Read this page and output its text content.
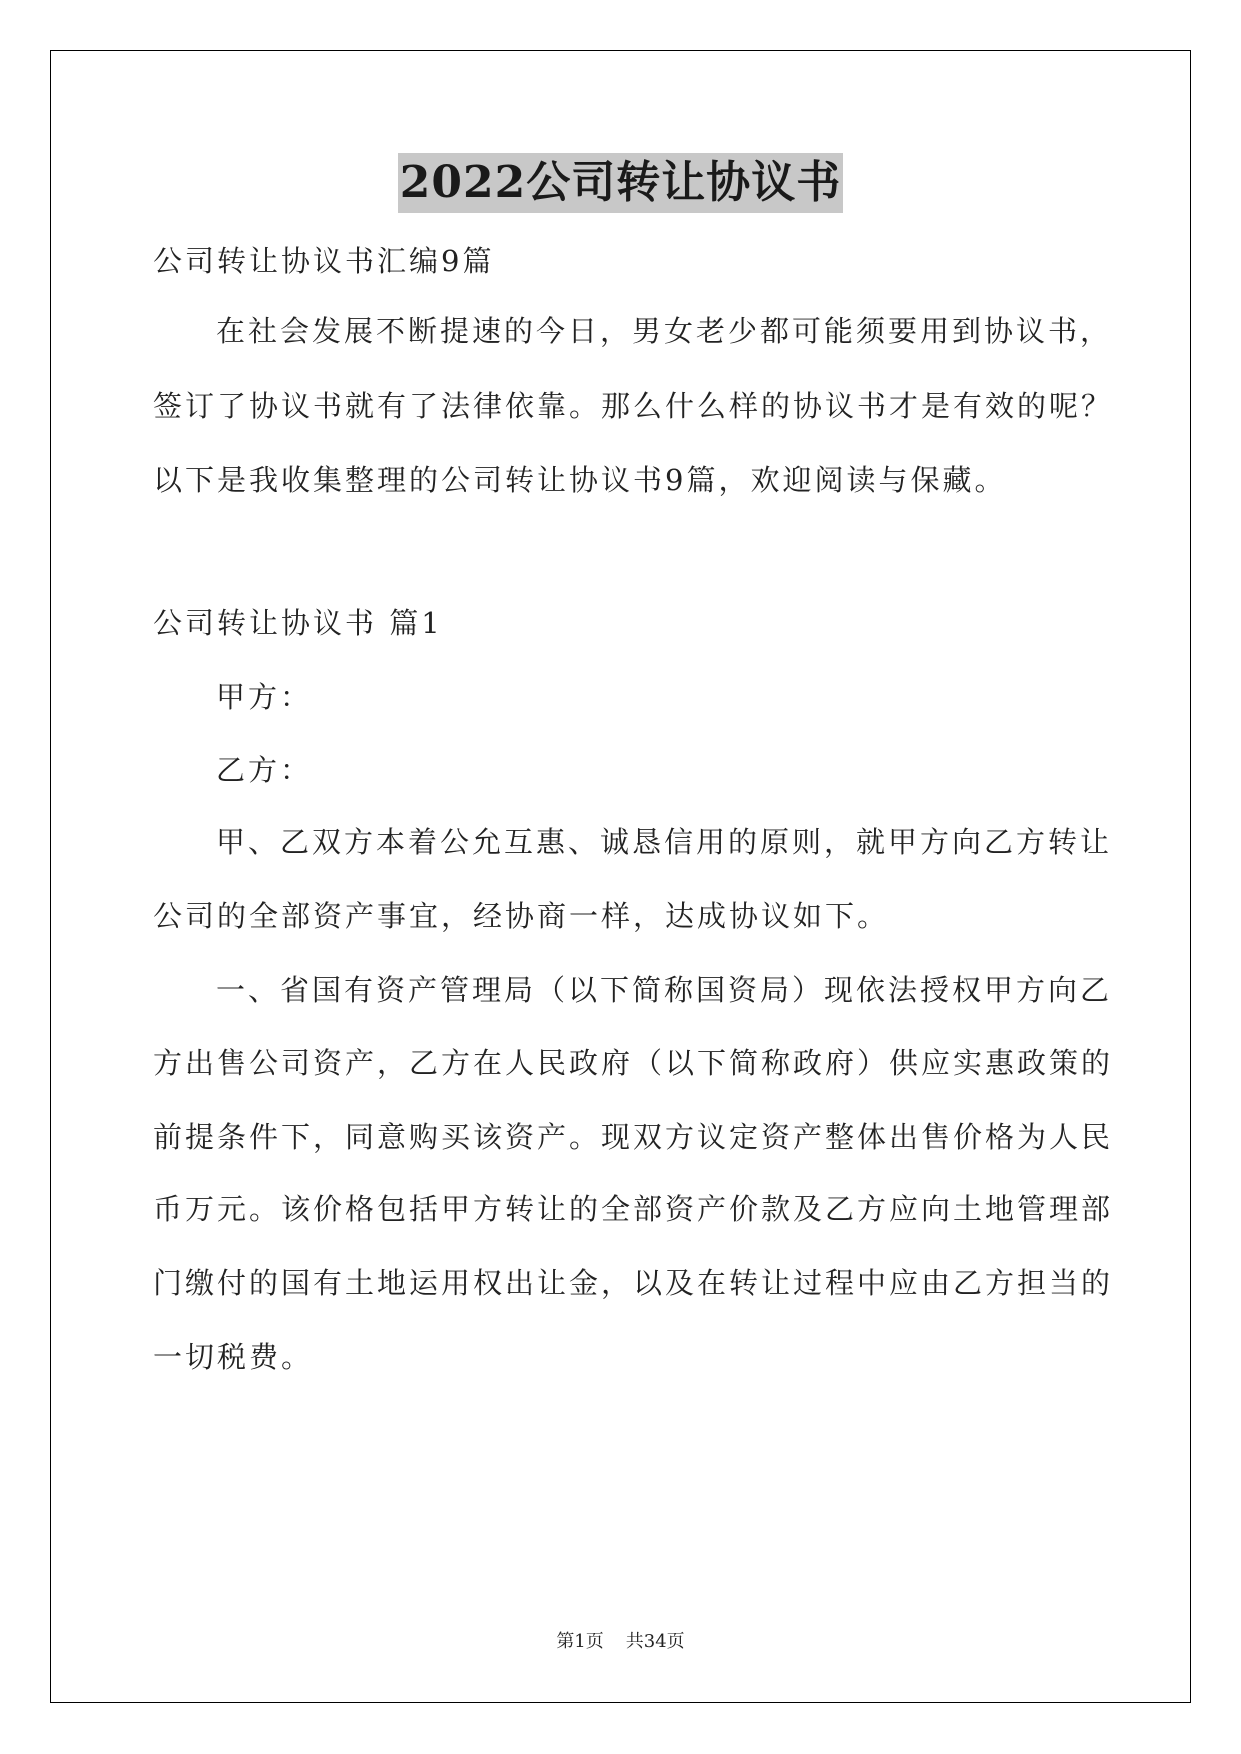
2022公司转让协议书
公司转让协议书汇编9篇
在社会发展不断提速的今日，男女老少都可能须要用到协议书，
签订了协议书就有了法律依靠。那么什么样的协议书才是有效的呢？
以下是我收集整理的公司转让协议书9篇，欢迎阅读与保藏。
公司转让协议书 篇1
甲方：
乙方：
甲、乙双方本着公允互惠、诚恳信用的原则，就甲方向乙方转让
公司的全部资产事宜，经协商一样，达成协议如下。
一、省国有资产管理局（以下简称国资局）现依法授权甲方向乙
方出售公司资产，乙方在人民政府（以下简称政府）供应实惠政策的
前提条件下，同意购买该资产。现双方议定资产整体出售价格为人民
币万元。该价格包括甲方转让的全部资产价款及乙方应向土地管理部
门缴付的国有土地运用权出让金，以及在转让过程中应由乙方担当的
一切税费。
第1页 共34页
